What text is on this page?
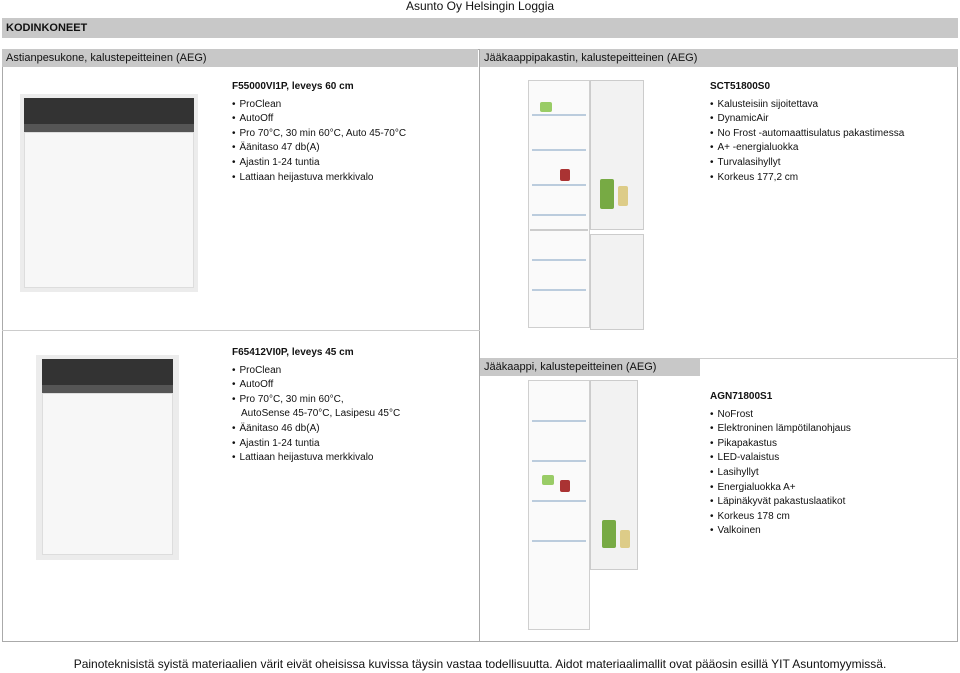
Asunto Oy Helsingin Loggia
KODINKONEET
Astianpesukone, kalustepeitteinen (AEG)	Jääkaappipakastin, kalustepeitteinen (AEG)
Jääkaappi, kalustepeitteinen (AEG)
F55000VI1P, leveys 60 cm
• ProClean
• AutoOff
• Pro 70°C, 30 min 60°C, Auto 45-70°C
• Äänitaso 47 db(A)
• Ajastin 1-24 tuntia
• Lattiaan heijastuva merkkivalo
F65412VI0P, leveys 45 cm
• ProClean
• AutoOff
• Pro 70°C, 30 min 60°C,
AutoSense 45-70°C, Lasipesu 45°C
• Äänitaso 46 db(A)
• Ajastin 1-24 tuntia
• Lattiaan heijastuva merkkivalo
SCT51800S0
• Kalusteisiin sijoitettava
• DynamicAir
• No Frost -automaattisulatus pakastimessa
• A+ -energialuokka
• Turvalasihyllyt
• Korkeus 177,2 cm
AGN71800S1
• NoFrost
• Elektroninen lämpötilanohjaus
• Pikapakastus
• LED-valaistus
• Lasihyllyt
• Energialuokka A+
• Läpinäkyvät pakastuslaatikot
• Korkeus 178 cm
• Valkoinen
Painoteknisistä syistä materiaalien värit eivät oheisissa kuvissa täysin vastaa todellisuutta. Aidot materiaalimallit ovat pääosin esillä YIT Asuntomyymissä.
